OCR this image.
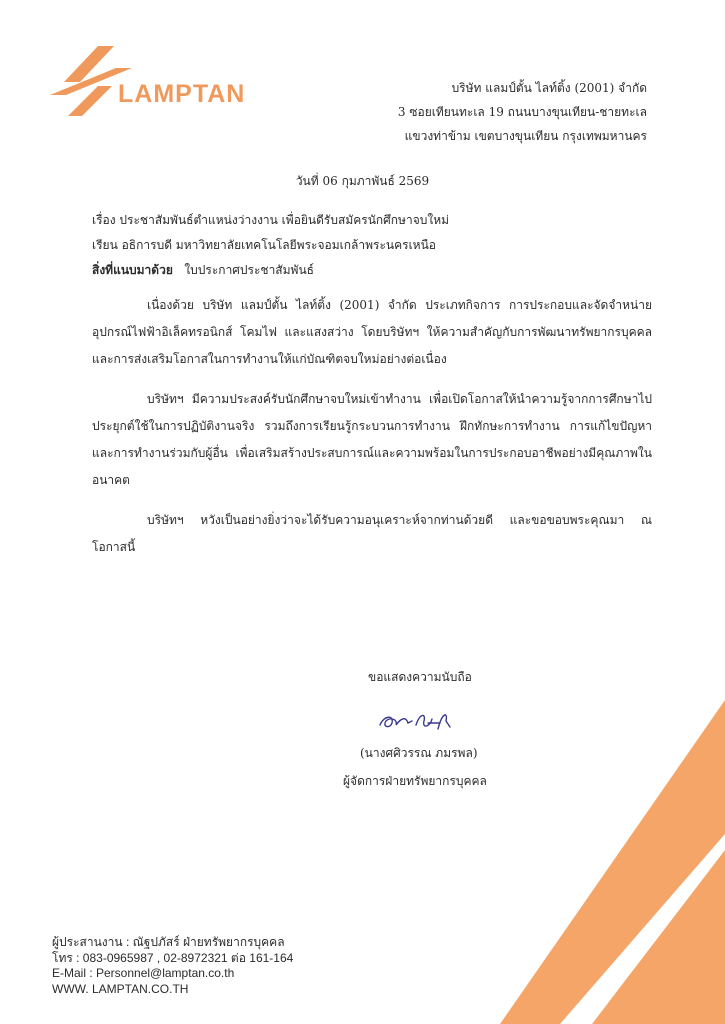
LAMPTAN	บริษัท แลมป์ตั้น ไลท์ติ้ง (2001) จำกัด
3 ซอยเทียนทะเล 19 ถนนบางขุนเทียน-ชายทะเล
แขวงท่าข้าม เขตบางขุนเทียน กรุงเทพมหานคร
วันที่ 06 กุมภาพันธ์ 2569
เรื่อง ประชาสัมพันธ์ตำแหน่งว่างงาน เพื่อยินดีรับสมัครนักศึกษาจบใหม่
เรียน อธิการบดี มหาวิทยาลัยเทคโนโลยีพระจอมเกล้าพระนครเหนือ
สิ่งที่แนบมาด้วย ใบประกาศประชาสัมพันธ์

เนื่องด้วย บริษัท แลมป์ตั้น ไลท์ติ้ง (2001) จำกัด ประเภทกิจการ การประกอบและจัดจำหน่ายอุปกรณ์ไฟฟ้าอิเล็คทรอนิกส์ โคมไฟ และแสงสว่าง โดยบริษัทฯ ให้ความสำคัญกับการพัฒนาทรัพยากรบุคคล และการส่งเสริมโอกาสในการทำงานให้แก่บัณฑิตจบใหม่อย่างต่อเนื่อง

บริษัทฯ มีความประสงค์รับนักศึกษาจบใหม่เข้าทำงาน เพื่อเปิดโอกาสให้นำความรู้จากการศึกษาไปประยุกต์ใช้ในการปฏิบัติงานจริง รวมถึงการเรียนรู้กระบวนการทำงาน ฝึกทักษะการทำงาน การแก้ไขปัญหา และการทำงานร่วมกับผู้อื่น เพื่อเสริมสร้างประสบการณ์และความพร้อมในการประกอบอาชีพอย่างมีคุณภาพในอนาคต

บริษัทฯ หวังเป็นอย่างยิ่งว่าจะได้รับความอนุเคราะห์จากท่านด้วยดี และขอขอบพระคุณมา ณ โอกาสนี้

ขอแสดงความนับถือ
(นางศศิวรรณ ภมรพล)
ผู้จัดการฝ่ายทรัพยากรบุคคล
ผู้ประสานงาน : ณัฐปภัสร์ ฝ่ายทรัพยากรบุคคล
โทร : 083-0965987 , 02-8972321 ต่อ 161-164
E-Mail : Personnel@lamptan.co.th
WWW. LAMPTAN.CO.TH
